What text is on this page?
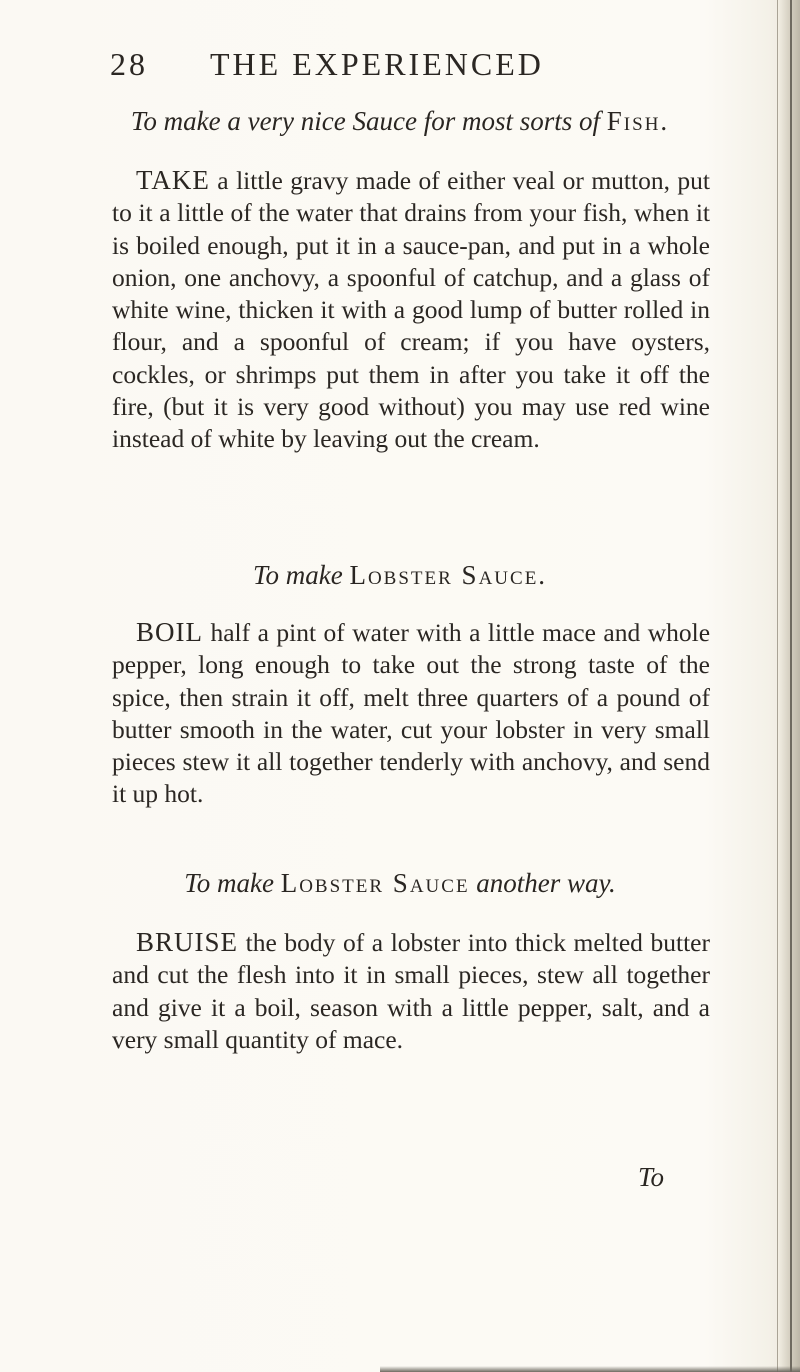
28 THE EXPERIENCED
To make a very nice Sauce for most sorts of Fish.
TAKE a little gravy made of either veal or mutton, put to it a little of the water that drains from your fish, when it is boiled enough, put it in a sauce-pan, and put in a whole onion, one anchovy, a spoonful of catchup, and a glass of white wine, thicken it with a good lump of butter rolled in flour, and a spoonful of cream; if you have oysters, cockles, or shrimps put them in after you take it off the fire, (but it is very good without) you may use red wine instead of white by leaving out the cream.
To make Lobster Sauce.
BOIL half a pint of water with a little mace and whole pepper, long enough to take out the strong taste of the spice, then strain it off, melt three quarters of a pound of butter smooth in the water, cut your lobster in very small pieces stew it all together tenderly with anchovy, and send it up hot.
To make Lobster Sauce another way.
BRUISE the body of a lobster into thick melted butter and cut the flesh into it in small pieces, stew all together and give it a boil, season with a little pepper, salt, and a very small quantity of mace.
To
